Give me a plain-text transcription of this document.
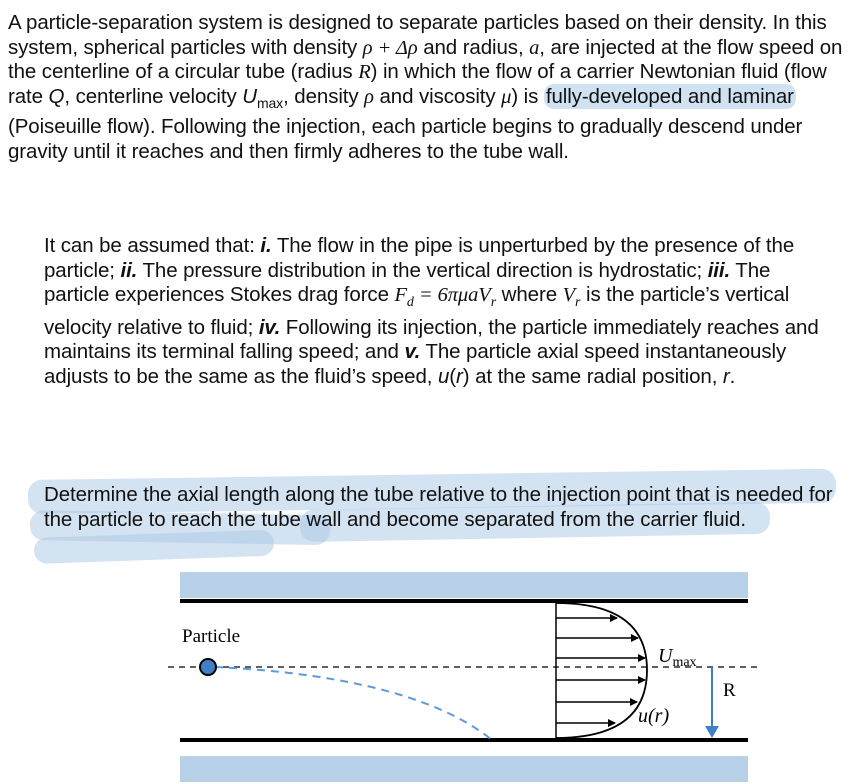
A particle-separation system is designed to separate particles based on their density. In this system, spherical particles with density ρ + Δρ and radius, a, are injected at the flow speed on the centerline of a circular tube (radius R) in which the flow of a carrier Newtonian fluid (flow rate Q, centerline velocity $U_{max}$, density ρ and viscosity μ) is fully-developed and laminar (Poiseuille flow). Following the injection, each particle begins to gradually descend under gravity until it reaches and then firmly adheres to the tube wall.

It can be assumed that: i. The flow in the pipe is unperturbed by the presence of the particle; ii. The pressure distribution in the vertical direction is hydrostatic; iii. The particle experiences Stokes drag force $F_d = 6\pi\mu aV_r$ where $V_r$ is the particle’s vertical velocity relative to fluid; iv. Following its injection, the particle immediately reaches and maintains its terminal falling speed; and v. The particle axial speed instantaneously adjusts to be the same as the fluid’s speed, u(r) at the same radial position, r.

Determine the axial length along the tube relative to the injection point that is needed for the particle to reach the tube wall and become separated from the carrier fluid.

Particle
$U_{max}$
u(r)
R
